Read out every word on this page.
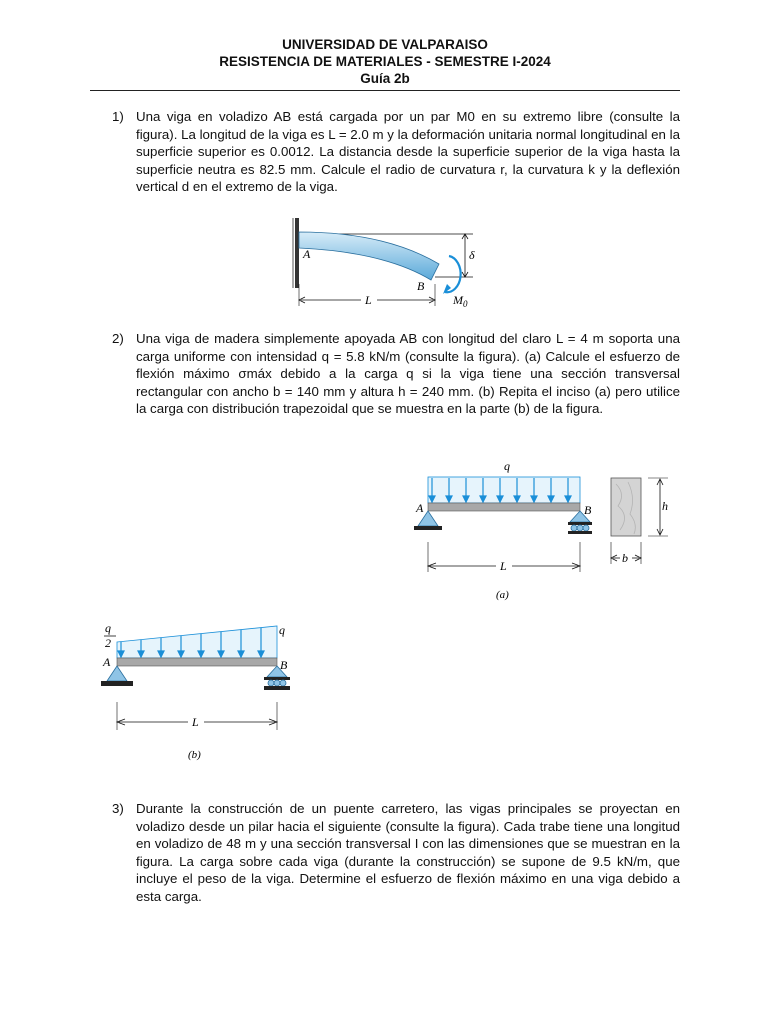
UNIVERSIDAD DE VALPARAISO
RESISTENCIA DE MATERIALES - SEMESTRE I-2024
Guía 2b
1) Una viga en voladizo AB está cargada por un par M0 en su extremo libre (consulte la figura). La longitud de la viga es L = 2.0 m y la deformación unitaria normal longitudinal en la superficie superior es 0.0012. La distancia desde la superficie superior de la viga hasta la superficie neutra es 82.5 mm. Calcule el radio de curvatura r, la curvatura k y la deflexión vertical d en el extremo de la viga.
δ
A
B
$M_0$
L
2) Una viga de madera simplemente apoyada AB con longitud del claro L = 4 m soporta una carga uniforme con intensidad q = 5.8 kN/m (consulte la figura). (a) Calcule el esfuerzo de flexión máximo σmáx debido a la carga q si la viga tiene una sección transversal rectangular con ancho b = 140 mm y altura h = 240 mm. (b) Repita el inciso (a) pero utilice la carga con distribución trapezoidal que se muestra en la parte (b) de la figura.
q
A	B
L
h
b
(a)
q
2
q
A	B
L
(b)
3) Durante la construcción de un puente carretero, las vigas principales se proyectan en voladizo desde un pilar hacia el siguiente (consulte la figura). Cada trabe tiene una longitud en voladizo de 48 m y una sección transversal I con las dimensiones que se muestran en la figura. La carga sobre cada viga (durante la construcción) se supone de 9.5 kN/m, que incluye el peso de la viga. Determine el esfuerzo de flexión máximo en una viga debido a esta carga.
